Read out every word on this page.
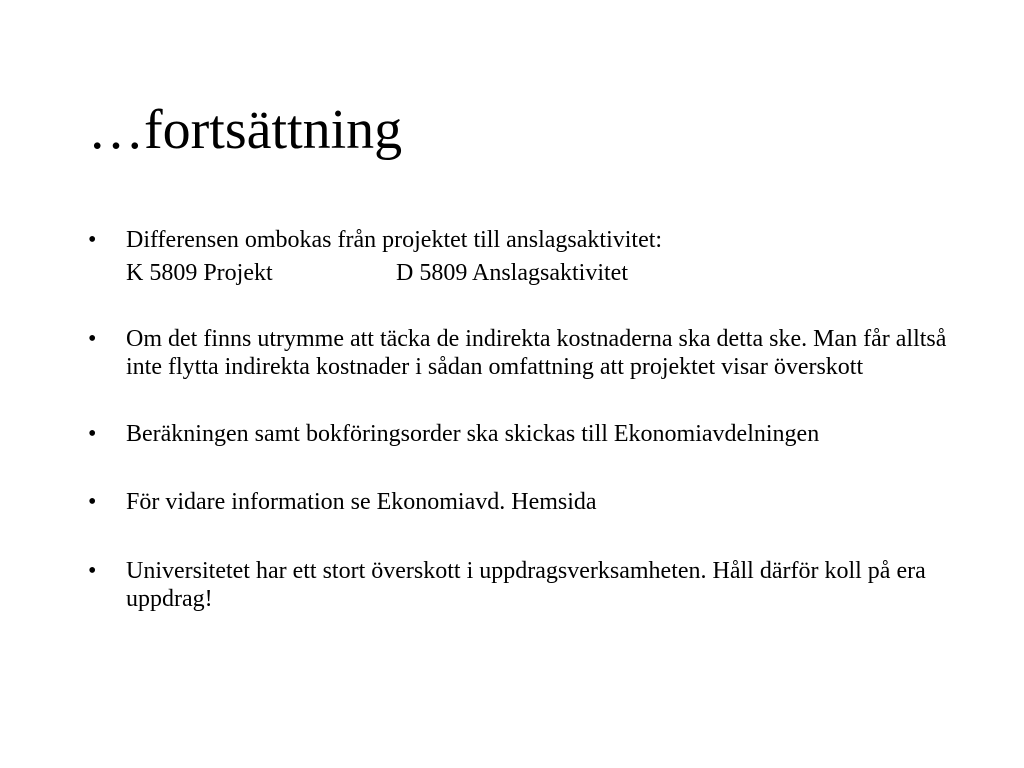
…fortsättning
• Differensen ombokas från projektet till anslagsaktivitet:
K 5809 Projekt	D 5809 Anslagsaktivitet
• Om det finns utrymme att täcka de indirekta kostnaderna ska detta ske. Man får alltså inte flytta indirekta kostnader i sådan omfattning att projektet visar överskott
• Beräkningen samt bokföringsorder ska skickas till Ekonomiavdelningen
• För vidare information se Ekonomiavd. Hemsida
• Universitetet har ett stort överskott i uppdragsverksamheten. Håll därför koll på era uppdrag!
